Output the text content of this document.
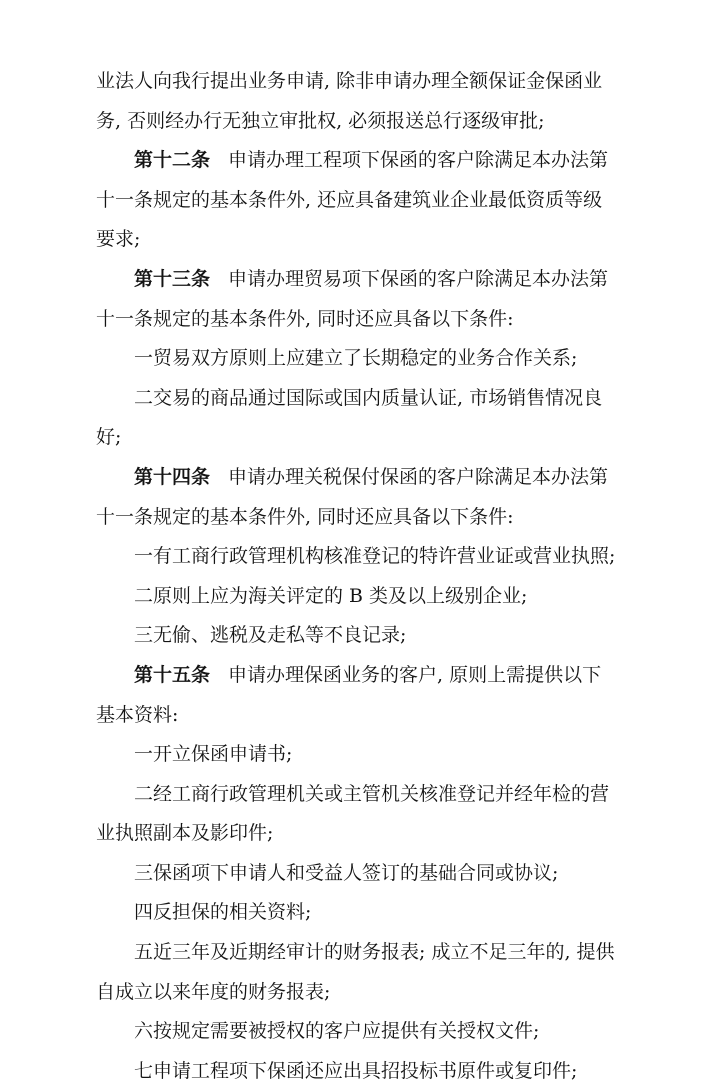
业法人向我行提出业务申请, 除非申请办理全额保证金保函业
务, 否则经办行无独立审批权, 必须报送总行逐级审批;
第十二条 申请办理工程项下保函的客户除满足本办法第
十一条规定的基本条件外, 还应具备建筑业企业最低资质等级
要求;
第十三条 申请办理贸易项下保函的客户除满足本办法第
十一条规定的基本条件外, 同时还应具备以下条件:
一贸易双方原则上应建立了长期稳定的业务合作关系;
二交易的商品通过国际或国内质量认证, 市场销售情况良
好;
第十四条 申请办理关税保付保函的客户除满足本办法第
十一条规定的基本条件外, 同时还应具备以下条件:
一有工商行政管理机构核准登记的特许营业证或营业执照;
二原则上应为海关评定的 B 类及以上级别企业;
三无偷、逃税及走私等不良记录;
第十五条 申请办理保函业务的客户, 原则上需提供以下
基本资料:
一开立保函申请书;
二经工商行政管理机关或主管机关核准登记并经年检的营
业执照副本及影印件;
三保函项下申请人和受益人签订的基础合同或协议;
四反担保的相关资料;
五近三年及近期经审计的财务报表; 成立不足三年的, 提供
自成立以来年度的财务报表;
六按规定需要被授权的客户应提供有关授权文件;
七申请工程项下保函还应出具招投标书原件或复印件;
